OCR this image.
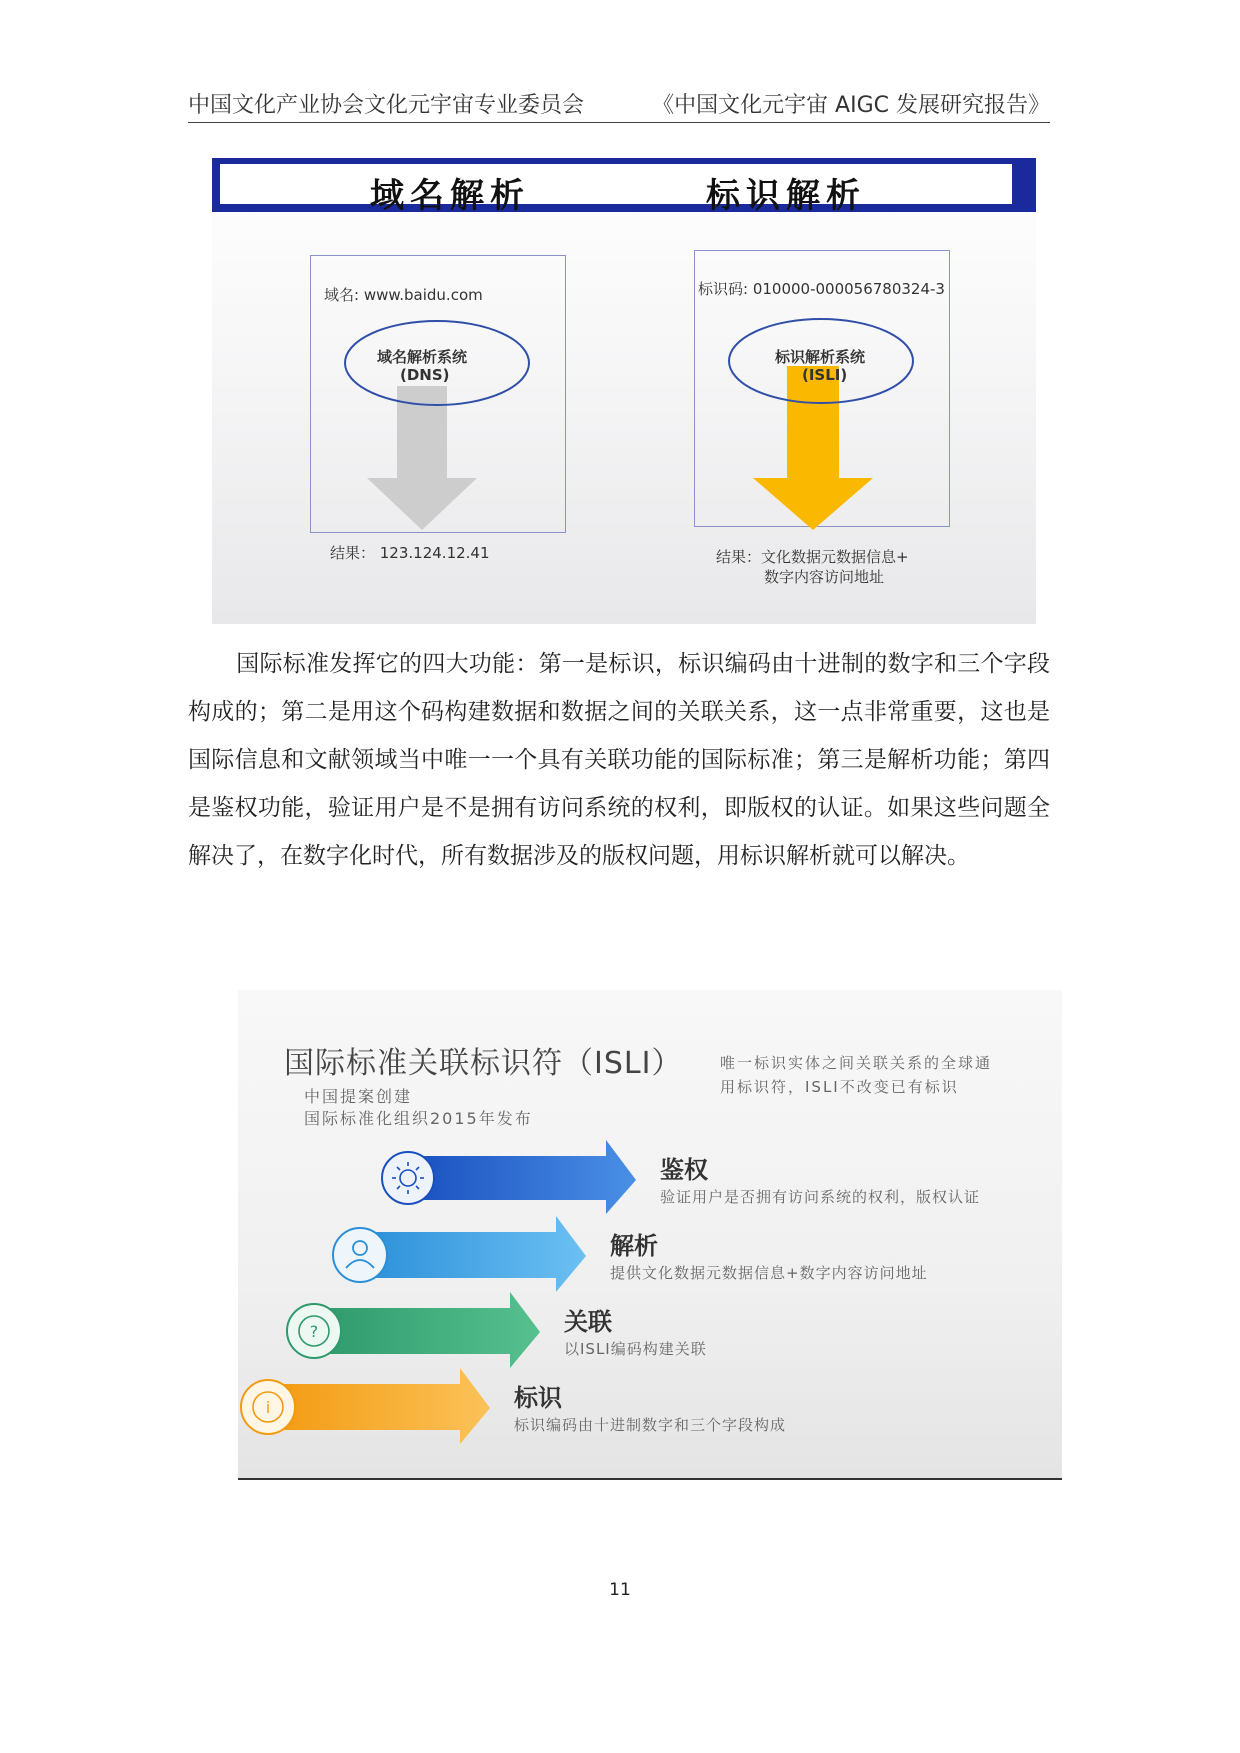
中国文化产业协会文化元宇宙专业委员会	《中国文化元宇宙 AIGC 发展研究报告》
域名解析	标识解析
域名: www.baidu.com
域名解析系统
(DNS)
结果： 123.124.12.41
标识码: 010000-000056780324-3
标识解析系统
(ISLI)
结果：文化数据元数据信息+
数字内容访问地址
国际标准发挥它的四大功能：第一是标识，标识编码由十进制的数字和三个字段构成的；第二是用这个码构建数据和数据之间的关联关系，这一点非常重要，这也是国际信息和文献领域当中唯一一个具有关联功能的国际标准；第三是解析功能；第四是鉴权功能，验证用户是不是拥有访问系统的权利，即版权的认证。如果这些问题全解决了，在数字化时代，所有数据涉及的版权问题，用标识解析就可以解决。
国际标准关联标识符（ISLI）
中国提案创建
国际标准化组织2015年发布
唯一标识实体之间关联关系的全球通
用标识符，ISLI不改变已有标识
?
i
鉴权
验证用户是否拥有访问系统的权利，版权认证
解析
提供文化数据元数据信息+数字内容访问地址
关联
以ISLI编码构建关联
标识
标识编码由十进制数字和三个字段构成
11
